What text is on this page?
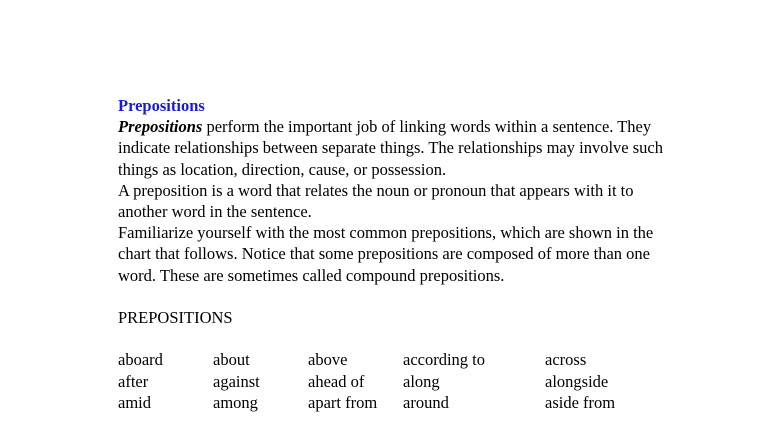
Prepositions

Prepositions perform the important job of linking words within a sentence. They indicate relationships between separate things. The relationships may involve such things as location, direction, cause, or possession.

A preposition is a word that relates the noun or pronoun that appears with it to another word in the sentence.

Familiarize yourself with the most common prepositions, which are shown in the chart that follows. Notice that some prepositions are composed of more than one word. These are sometimes called compound prepositions.

PREPOSITIONS

aboard	about	above	according to	across
after	against	ahead of	along	alongside
amid	among	apart from	around	aside from
